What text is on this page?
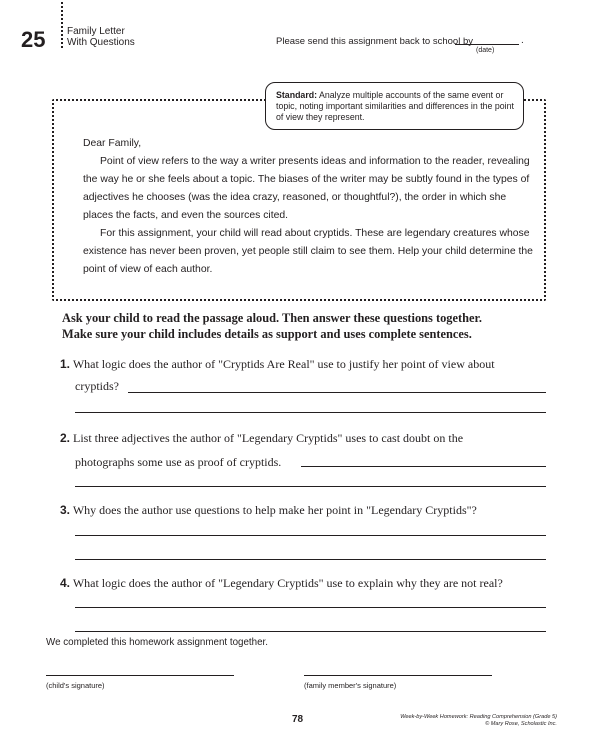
25 Family Letter
With Questions	Please send this assignment back to school by	.
(date)
Standard: Analyze multiple accounts of the same event or topic, noting important similarities and differences in the point of view they represent.

Dear Family,

Point of view refers to the way a writer presents ideas and information to the reader, revealing the way he or she feels about a topic. The biases of the writer may be subtly found in the types of adjectives he chooses (was the idea crazy, reasoned, or thoughtful?), the order in which she places the facts, and even the sources cited.

For this assignment, your child will read about cryptids. These are legendary creatures whose existence has never been proven, yet people still claim to see them. Help your child determine the point of view of each author.

Ask your child to read the passage aloud. Then answer these questions together.
Make sure your child includes details as support and uses complete sentences.
1. What logic does the author of "Cryptids Are Real" use to justify her point of view about
cryptids?
2. List three adjectives the author of "Legendary Cryptids" uses to cast doubt on the
photographs some use as proof of cryptids.
3. Why does the author use questions to help make her point in "Legendary Cryptids"?
4. What logic does the author of "Legendary Cryptids" use to explain why they are not real?
We completed this homework assignment together.
(child's signature)	(family member's signature)
78	Week-by-Week Homework: Reading Comprehension (Grade 5)
© Mary Rose, Scholastic Inc.
